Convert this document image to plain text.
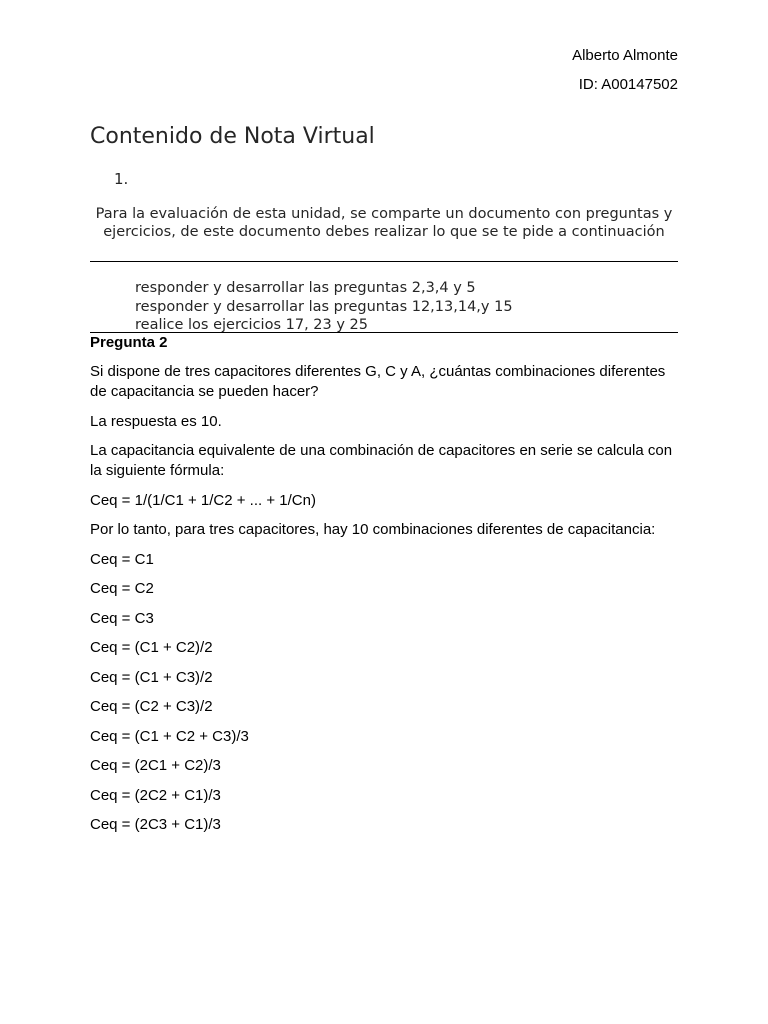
Alberto Almonte
ID: A00147502
Contenido de Nota Virtual
1.

Para la evaluación de esta unidad, se comparte un documento con preguntas y ejercicios, de este documento debes realizar lo que se te pide a continuación

responder y desarrollar las preguntas 2,3,4 y 5
responder y desarrollar las preguntas 12,13,14,y 15
realice los ejercicios 17, 23 y 25
Pregunta 2

Si dispone de tres capacitores diferentes G, C y A, ¿cuántas combinaciones diferentes de capacitancia se pueden hacer?

La respuesta es 10.

La capacitancia equivalente de una combinación de capacitores en serie se calcula con la siguiente fórmula:

Ceq = 1/(1/C1 + 1/C2 + ... + 1/Cn)

Por lo tanto, para tres capacitores, hay 10 combinaciones diferentes de capacitancia:

Ceq = C1

Ceq = C2

Ceq = C3

Ceq = (C1 + C2)/2

Ceq = (C1 + C3)/2

Ceq = (C2 + C3)/2

Ceq = (C1 + C2 + C3)/3

Ceq = (2C1 + C2)/3

Ceq = (2C2 + C1)/3

Ceq = (2C3 + C1)/3
